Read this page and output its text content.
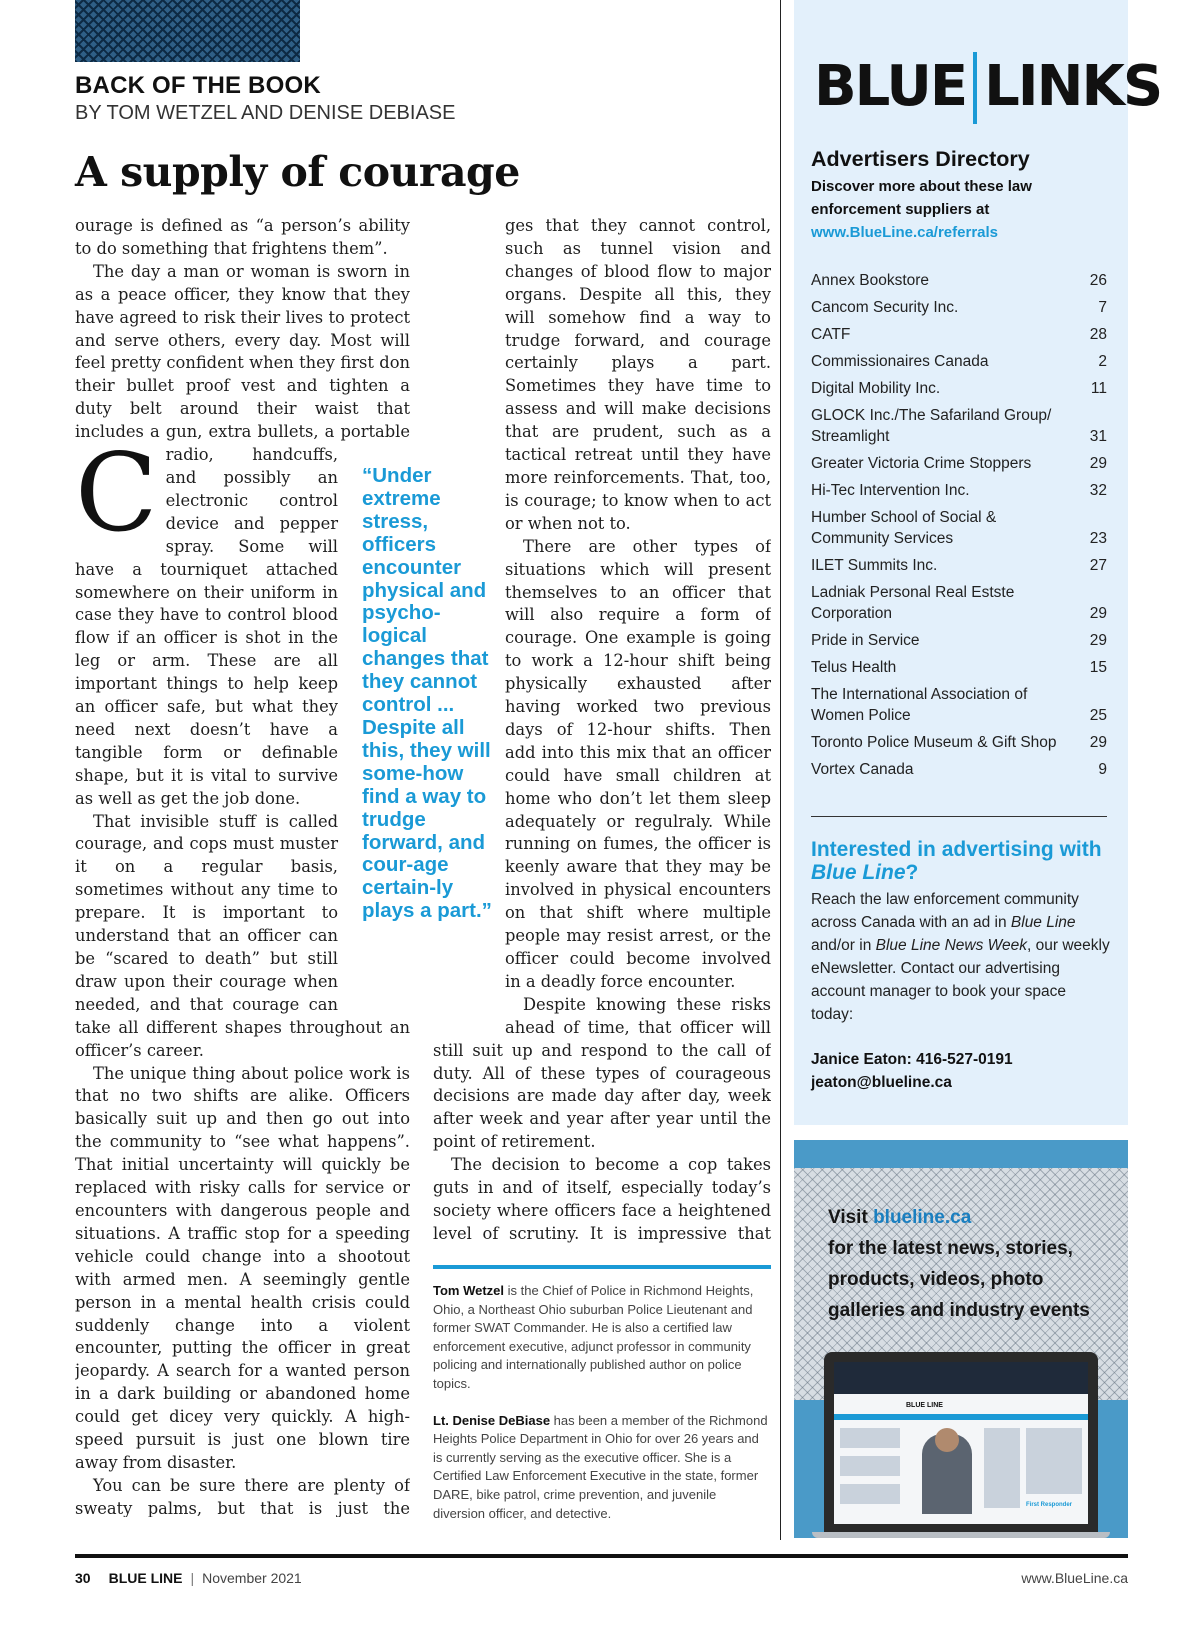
BACK OF THE BOOK
BY TOM WETZEL AND DENISE DEBIASE
A supply of courage

C
ourage is defined as “a person’s ability to do something that frightens them”.

The day a man or woman is sworn in as a peace officer, they know that they have agreed to risk their lives to protect and serve others, every day. Most will feel pretty confident when they first don their bullet proof vest and tighten a duty belt around their waist that includes a gun, extra bullets, a portable radio, handcuffs, and possibly an electronic control device and pepper spray. Some will have a tourniquet attached somewhere on their uniform in case they have to control blood flow if an officer is shot in the leg or arm. These are all important things to help keep an officer safe, but what they need next doesn’t have a tangible form or definable shape, but it is vital to survive as well as get the job done.

That invisible stuff is called courage, and cops must muster it on a regular basis, sometimes without any time to prepare. It is important to understand that an officer can be “scared to death” but still draw upon their courage when needed, and that courage can take all different shapes throughout an officer’s career.

The unique thing about police work is that no two shifts are alike. Officers basically suit up and then go out into the community to “see what happens”. That initial uncertainty will quickly be replaced with risky calls for service or encounters with dangerous people and situations. A traffic stop for a speeding vehicle could change into a shootout with armed men. A seemingly gentle person in a mental health crisis could suddenly change into a violent encounter, putting the officer in great jeopardy. A search for a wanted person in a dark building or abandoned home could get dicey very quickly. A high-speed pursuit is just one blown tire away from disaster.

You can be sure there are plenty of sweaty palms, but that is just the

“Under extreme stress, officers encounter physical and psycho-logical changes that they cannot control ... Despite all this, they will some-how find a way to trudge forward, and cour-age certain-ly plays a part.”

ges that they cannot control, such as tunnel vision and changes of blood flow to major organs. Despite all this, they will somehow find a way to trudge forward, and courage certainly plays a part. Sometimes they have time to assess and will make decisions that are prudent, such as a tactical retreat until they have more reinforcements. That, too, is courage; to know when to act or when not to.

There are other types of situations which will present themselves to an officer that will also require a form of courage. One example is going to work a 12-hour shift being physically exhausted after having worked two previous days of 12-hour shifts. Then add into this mix that an officer could have small children at home who don’t let them sleep adequately or regulraly. While running on fumes, the officer is keenly aware that they may be involved in physical encounters on that shift where multiple people may resist arrest, or the officer could become involved in a deadly force encounter.

Despite knowing these risks ahead of time, that officer will still suit up and respond to the call of duty. All of these types of courageous decisions are made day after day, week after week and year after year until the point of retirement.

The decision to become a cop takes guts in and of itself, especially today’s society where officers face a heightened level of scrutiny. It is impressive that

Tom Wetzel is the Chief of Police in Richmond Heights, Ohio, a Northeast Ohio suburban Police Lieutenant and former SWAT Commander. He is also a certified law enforcement executive, adjunct professor in community policing and internationally published author on police topics.

Lt. Denise DeBiase has been a member of the Richmond Heights Police Department in Ohio for over 26 years and is currently serving as the executive officer. She is a Certified Law Enforcement Executive in the state, former DARE, bike patrol, crime prevention, and juvenile diversion officer, and detective.

BLUE LINKS
Advertisers Directory
Discover more about these law enforcement suppliers at
www.BlueLine.ca/referrals
Annex Bookstore	26
Cancom Security Inc.	7
CATF	28
Commissionaires Canada	2
Digital Mobility Inc.	11
GLOCK Inc./The Safariland Group/ Streamlight	31
Greater Victoria Crime Stoppers	29
Hi-Tec Intervention Inc.	32
Humber School of Social & Community Services	23
ILET Summits Inc.	27
Ladniak Personal Real Estste Corporation	29
Pride in Service	29
Telus Health	15
The International Association of Women Police	25
Toronto Police Museum & Gift Shop	29
Vortex Canada	9
Interested in advertising with Blue Line?
Reach the law enforcement community across Canada with an ad in Blue Line and/or in Blue Line News Week, our weekly eNewsletter. Contact our advertising account manager to book your space today:
Janice Eaton: 416-527-0191
jeaton@blueline.ca
Visit blueline.ca
for the latest news, stories, products, videos, photo galleries and industry events
BLUE LINE
First Responder
30 BLUE LINE | November 2021	www.BlueLine.ca
